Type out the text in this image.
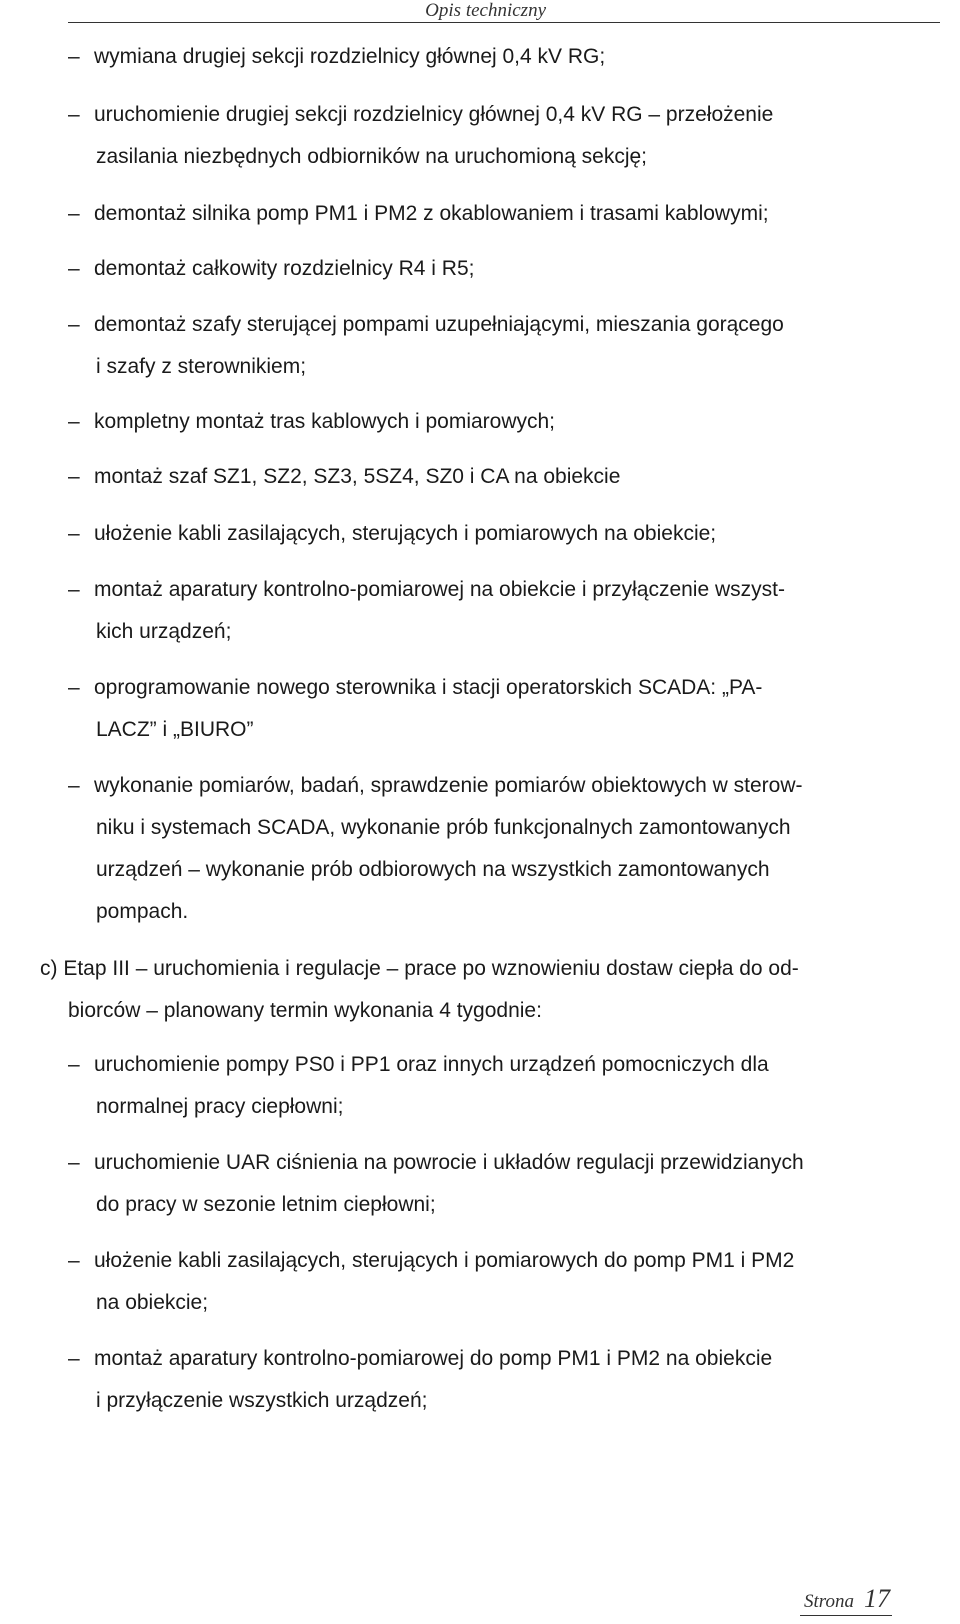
Opis techniczny
– wymiana drugiej sekcji rozdzielnicy głównej 0,4 kV RG;
– uruchomienie drugiej sekcji rozdzielnicy głównej 0,4 kV RG – przełożenie
zasilania niezbędnych odbiorników na uruchomioną sekcję;
– demontaż silnika pomp PM1 i PM2 z okablowaniem i trasami kablowymi;
– demontaż całkowity rozdzielnicy R4 i R5;
– demontaż szafy sterującej pompami uzupełniającymi, mieszania gorącego
i szafy z sterownikiem;
– kompletny montaż tras kablowych i pomiarowych;
– montaż szaf SZ1, SZ2, SZ3, 5SZ4, SZ0 i CA na obiekcie
– ułożenie kabli zasilających, sterujących i pomiarowych na obiekcie;
– montaż aparatury kontrolno-pomiarowej na obiekcie i przyłączenie wszyst-
kich urządzeń;
– oprogramowanie nowego sterownika i stacji operatorskich SCADA: „PA-
LACZ” i „BIURO”
– wykonanie pomiarów, badań, sprawdzenie pomiarów obiektowych w sterow-
niku i systemach SCADA, wykonanie prób funkcjonalnych zamontowanych
urządzeń – wykonanie prób odbiorowych na wszystkich zamontowanych
pompach.
c) Etap III – uruchomienia i regulacje – prace po wznowieniu dostaw ciepła do od-
biorców – planowany termin wykonania 4 tygodnie:
– uruchomienie pompy PS0 i PP1 oraz innych urządzeń pomocniczych dla
normalnej pracy ciepłowni;
– uruchomienie UAR ciśnienia na powrocie i układów regulacji przewidzianych
do pracy w sezonie letnim ciepłowni;
– ułożenie kabli zasilających, sterujących i pomiarowych do pomp PM1 i PM2
na obiekcie;
– montaż aparatury kontrolno-pomiarowej do pomp PM1 i PM2 na obiekcie
i przyłączenie wszystkich urządzeń;
Strona 17
